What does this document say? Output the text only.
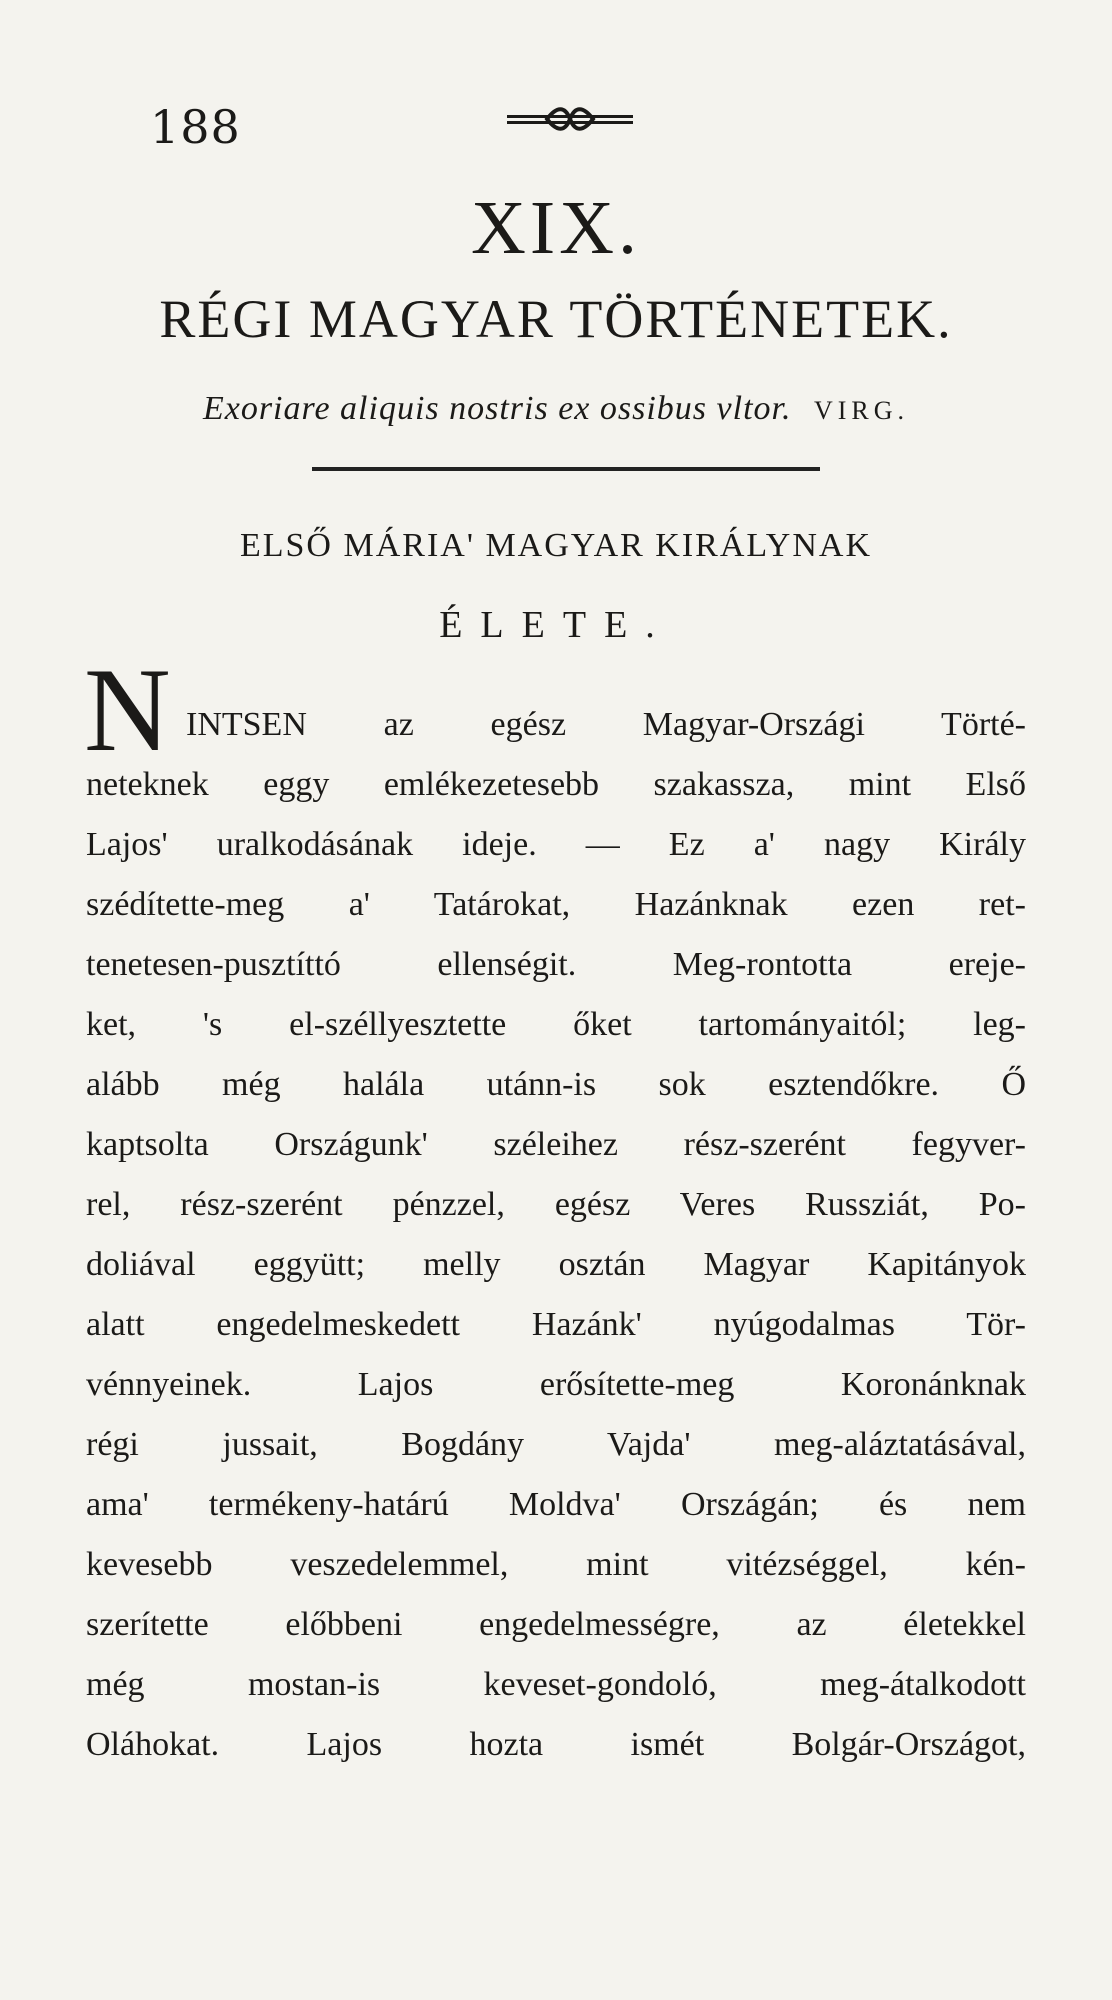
188
XIX.
RÉGI MAGYAR TÖRTÉNETEK.
Exoriare aliquis nostris ex ossibus vltor. VIRG.
ELSŐ MÁRIA' MAGYAR KIRÁLYNAK
ÉLETE.
N INTSEN az egész Magyar-Országi Törté-
neteknek eggy emlékezetesebb szakassza, mint Első
Lajos' uralkodásának ideje. — Ez a' nagy Király
szédítette-meg a' Tatárokat, Hazánknak ezen ret-
tenetesen-pusztíttó ellenségit. Meg-rontotta ereje-
ket, 's el-széllyesztette őket tartományaitól; leg-
alább még halála utánn-is sok esztendőkre. Ő
kaptsolta Országunk' széleihez rész-szerént fegyver-
rel, rész-szerént pénzzel, egész Veres Russziát, Po-
doliával eggyütt; melly osztán Magyar Kapitányok
alatt engedelmeskedett Hazánk' nyúgodalmas Tör-
vénnyeinek. Lajos erősítette-meg Koronánknak
régi jussait, Bogdány Vajda' meg-aláztatásával,
ama' termékeny-határú Moldva' Országán; és nem
kevesebb veszedelemmel, mint vitézséggel, kén-
szerítette előbbeni engedelmességre, az életekkel
még mostan-is keveset-gondoló, meg-átalkodott
Oláhokat. Lajos hozta ismét Bolgár-Országot,
